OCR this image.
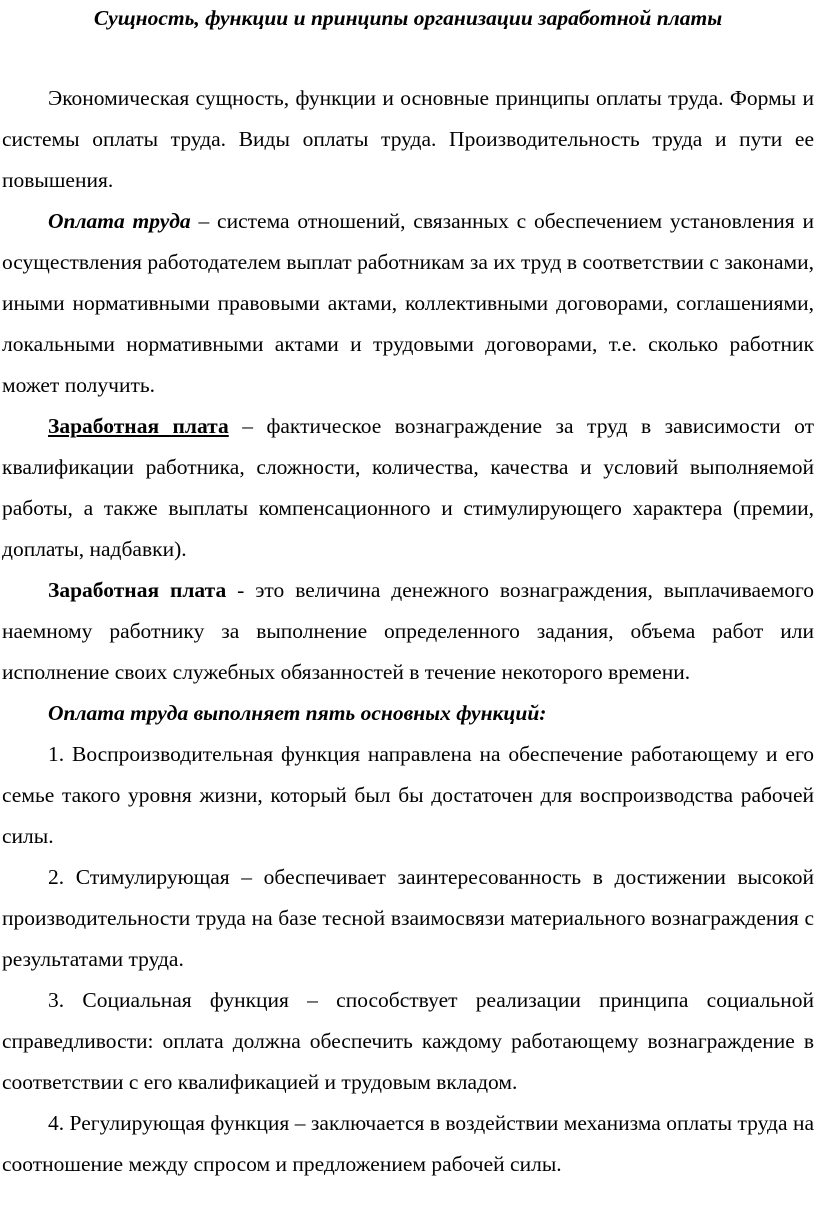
Сущность, функции и принципы организации заработной платы

Экономическая сущность, функции и основные принципы оплаты труда. Формы и системы оплаты труда. Виды оплаты труда. Производительность труда и пути ее повышения.

Оплата труда – система отношений, связанных с обеспечением установления и осуществления работодателем выплат работникам за их труд в соответствии с законами, иными нормативными правовыми актами, коллективными договорами, соглашениями, локальными нормативными актами и трудовыми договорами, т.е. сколько работник может получить.

Заработная плата – фактическое вознаграждение за труд в зависимости от квалификации работника, сложности, количества, качества и условий выполняемой работы, а также выплаты компенсационного и стимулирующего характера (премии, доплаты, надбавки).

Заработная плата - это величина денежного вознаграждения, выплачиваемого наемному работнику за выполнение определенного задания, объема работ или исполнение своих служебных обязанностей в течение некоторого времени.

Оплата труда выполняет пять основных функций:

1. Воспроизводительная функция направлена на обеспечение работающему и его семье такого уровня жизни, который был бы достаточен для воспроизводства рабочей силы.

2. Стимулирующая – обеспечивает заинтересованность в достижении высокой производительности труда на базе тесной взаимосвязи материального вознаграждения с результатами труда.

3. Социальная функция – способствует реализации принципа социальной справедливости: оплата должна обеспечить каждому работающему вознаграждение в соответствии с его квалификацией и трудовым вкладом.

4. Регулирующая функция – заключается в воздействии механизма оплаты труда на соотношение между спросом и предложением рабочей силы.
